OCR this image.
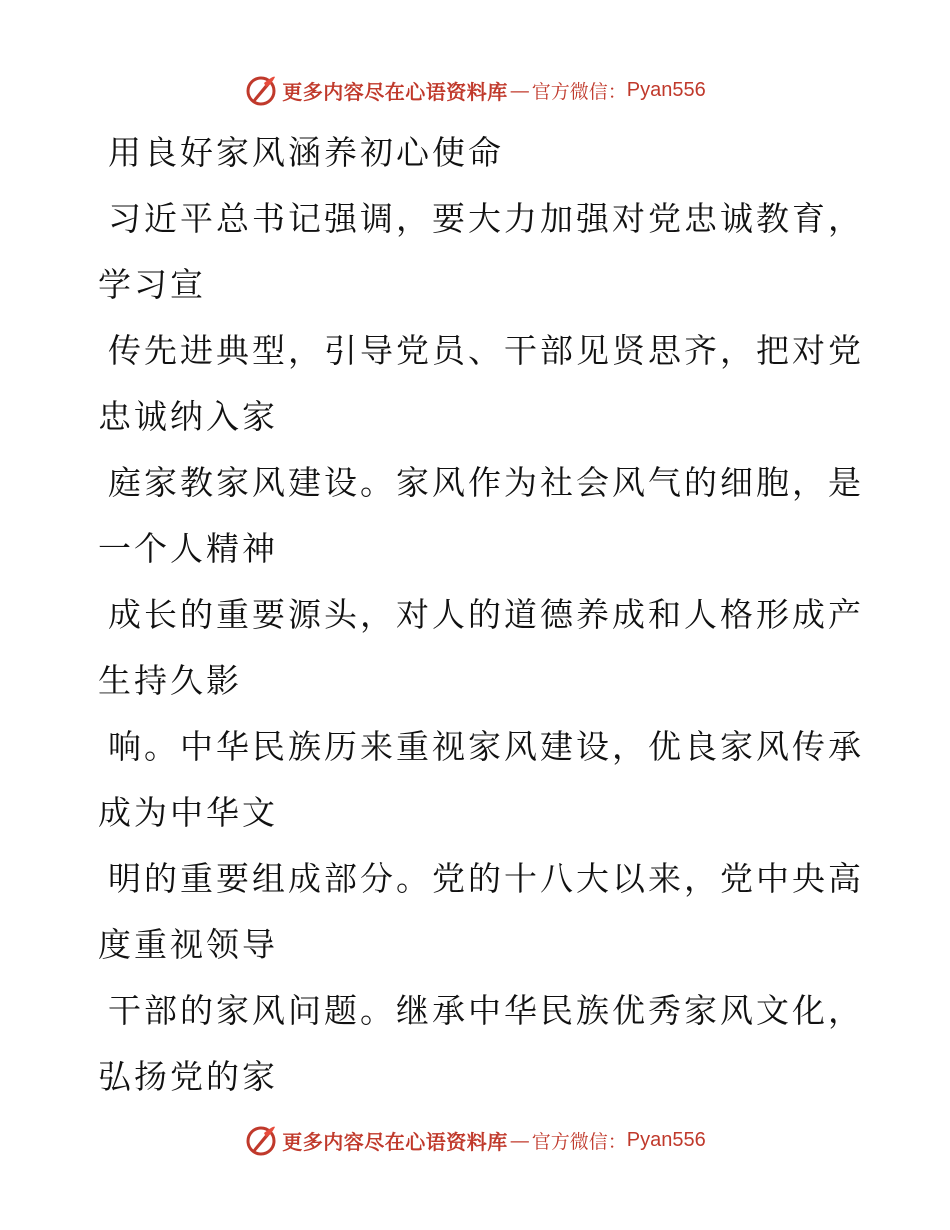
更多内容尽在心语资料库 — 官方微信： Pyan556
用良好家风涵养初心使命
习近平总书记强调，要大力加强对党忠诚教育，
学习宣
传先进典型，引导党员、干部见贤思齐，把对党
忠诚纳入家
庭家教家风建设。家风作为社会风气的细胞，是
一个人精神
成长的重要源头，对人的道德养成和人格形成产
生持久影
响。中华民族历来重视家风建设，优良家风传承
成为中华文
明的重要组成部分。党的十八大以来，党中央高
度重视领导
干部的家风问题。继承中华民族优秀家风文化，
弘扬党的家
更多内容尽在心语资料库 — 官方微信： Pyan556
